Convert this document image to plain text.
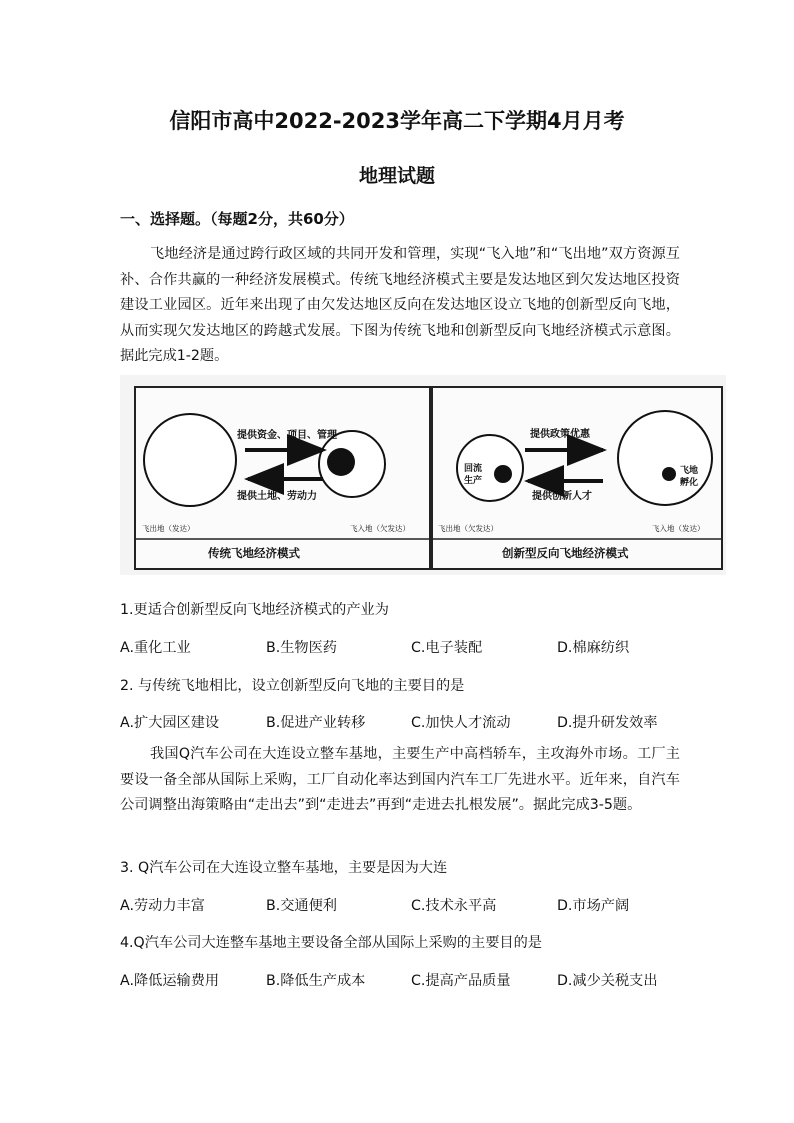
信阳市高中2022-2023学年高二下学期4月月考
地理试题
一、选择题。（每题2分，共60分）

飞地经济是通过跨行政区域的共同开发和管理，实现“飞入地”和“飞出地”双方资源互补、合作共赢的一种经济发展模式。传统飞地经济模式主要是发达地区到欠发达地区投资建设工业园区。近年来出现了由欠发达地区反向在发达地区设立飞地的创新型反向飞地，从而实现欠发达地区的跨越式发展。下图为传统飞地和创新型反向飞地经济模式示意图。据此完成1-2题。

提供资金、项目、管理
提供土地、劳动力
飞出地（发达）	飞入地（欠发达）
传统飞地经济模式
提供政策优惠
提供创新人才
回流
生产
飞地
孵化
飞出地（欠发达）	飞入地（发达）
创新型反向飞地经济模式
1.更适合创新型反向飞地经济模式的产业为
A.重化工业	B.生物医药	C.电子装配	D.棉麻纺织
2. 与传统飞地相比，设立创新型反向飞地的主要目的是
A.扩大园区建设	B.促进产业转移	C.加快人才流动	D.提升研发效率

我国Q汽车公司在大连设立整车基地，主要生产中高档轿车，主攻海外市场。工厂主要设一备全部从国际上采购，工厂自动化率达到国内汽车工厂先进水平。近年来，自汽车公司调整出海策略由“走出去”到“走进去”再到“走进去扎根发展”。据此完成3-5题。

3. Q汽车公司在大连设立整车基地，主要是因为大连
A.劳动力丰富	B.交通便利	C.技术永平高	D.市场产阔
4.Q汽车公司大连整车基地主要设备全部从国际上采购的主要目的是
A.降低运输费用	B.降低生产成本	C.提高产品质量	D.减少关税支出
